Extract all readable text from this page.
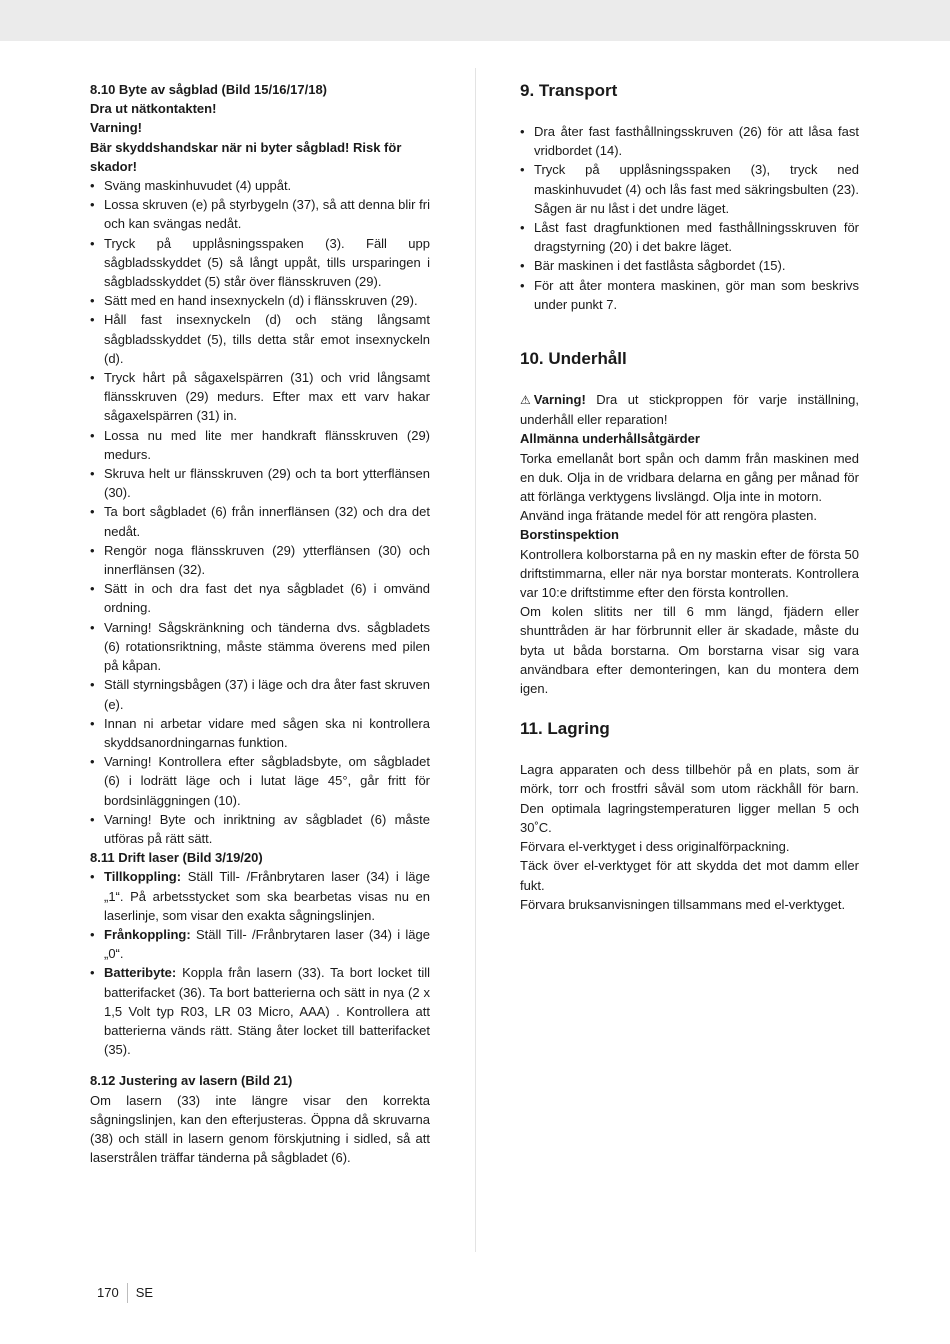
8.10 Byte av sågblad (Bild 15/16/17/18)
Dra ut nätkontakten!
Varning!
Bär skyddshandskar när ni byter sågblad! Risk för skador!
• Sväng maskinhuvudet (4) uppåt.
• Lossa skruven (e) på styrbygeln (37), så att denna blir fri och kan svängas nedåt.
• Tryck på upplåsningsspaken (3). Fäll upp sågbladsskyddet (5) så långt uppåt, tills ursparingen i sågbladsskyddet (5) står över flänsskruven (29).
• Sätt med en hand insexnyckeln (d) i flänsskruven (29).
• Håll fast insexnyckeln (d) och stäng långsamt sågbladsskyddet (5), tills detta står emot insexnyckeln (d).
• Tryck hårt på sågaxelspärren (31) och vrid långsamt flänsskruven (29) medurs. Efter max ett varv hakar sågaxelspärren (31) in.
• Lossa nu med lite mer handkraft flänsskruven (29) medurs.
• Skruva helt ur flänsskruven (29) och ta bort ytterflänsen (30).
• Ta bort sågbladet (6) från innerflänsen (32) och dra det nedåt.
• Rengör noga flänsskruven (29) ytterflänsen (30) och innerflänsen (32).
• Sätt in och dra fast det nya sågbladet (6) i omvänd ordning.
• Varning! Sågskränkning och tänderna dvs. sågbladets (6) rotationsriktning, måste stämma överens med pilen på kåpan.
• Ställ styrningsbågen (37) i läge och dra åter fast skruven (e).
• Innan ni arbetar vidare med sågen ska ni kontrollera skyddsanordningarnas funktion.
• Varning! Kontrollera efter sågbladsbyte, om sågbladet (6) i lodrätt läge och i lutat läge 45°, går fritt för bordsinläggningen (10).
• Varning! Byte och inriktning av sågbladet (6) måste utföras på rätt sätt.
8.11 Drift laser (Bild 3/19/20)
• Tillkoppling: Ställ Till- /Frånbrytaren laser (34) i läge „1“. På arbetsstycket som ska bearbetas visas nu en laserlinje, som visar den exakta sågningslinjen.
• Frånkoppling: Ställ Till- /Frånbrytaren laser (34) i läge „0“.
• Batteribyte: Koppla från lasern (33). Ta bort locket till batterifacket (36). Ta bort batterierna och sätt in nya (2 x 1,5 Volt typ R03, LR 03 Micro, AAA) . Kontrollera att batterierna vänds rätt. Stäng åter locket till batterifacket (35).
8.12 Justering av lasern (Bild 21)
Om lasern (33) inte längre visar den korrekta sågningslinjen, kan den efterjusteras. Öppna då skruvarna (38) och ställ in lasern genom förskjutning i sidled, så att laserstrålen träffar tänderna på sågbladet (6).
9. Transport
• Dra åter fast fasthållningsskruven (26) för att låsa fast vridbordet (14).
• Tryck på upplåsningsspaken (3), tryck ned maskinhuvudet (4) och lås fast med säkringsbulten (23). Sågen är nu låst i det undre läget.
• Låst fast dragfunktionen med fasthållningsskruven för dragstyrning (20) i det bakre läget.
• Bär maskinen i det fastlåsta sågbordet (15).
• För att åter montera maskinen, gör man som beskrivs under punkt 7.
10. Underhåll
⚠ Varning! Dra ut stickproppen för varje inställning, underhåll eller reparation!
Allmänna underhållsåtgärder
Torka emellanåt bort spån och damm från maskinen med en duk. Olja in de vridbara delarna en gång per månad för att förlänga verktygens livslängd. Olja inte in motorn.
Använd inga frätande medel för att rengöra plasten.
Borstinspektion
Kontrollera kolborstarna på en ny maskin efter de första 50 driftstimmarna, eller när nya borstar monterats. Kontrollera var 10:e driftstimme efter den första kontrollen.
Om kolen slitits ner till 6 mm längd, fjädern eller shunttråden är har förbrunnit eller är skadade, måste du byta ut båda borstarna. Om borstarna visar sig vara användbara efter demonteringen, kan du montera dem igen.
11. Lagring
Lagra apparaten och dess tillbehör på en plats, som är mörk, torr och frostfri såväl som utom räckhåll för barn. Den optimala lagringstemperaturen ligger mellan 5 och 30˚C.
Förvara el-verktyget i dess originalförpackning.
Täck över el-verktyget för att skydda det mot damm eller fukt.
Förvara bruksanvisningen tillsammans med el-verktyget.
170 SE
